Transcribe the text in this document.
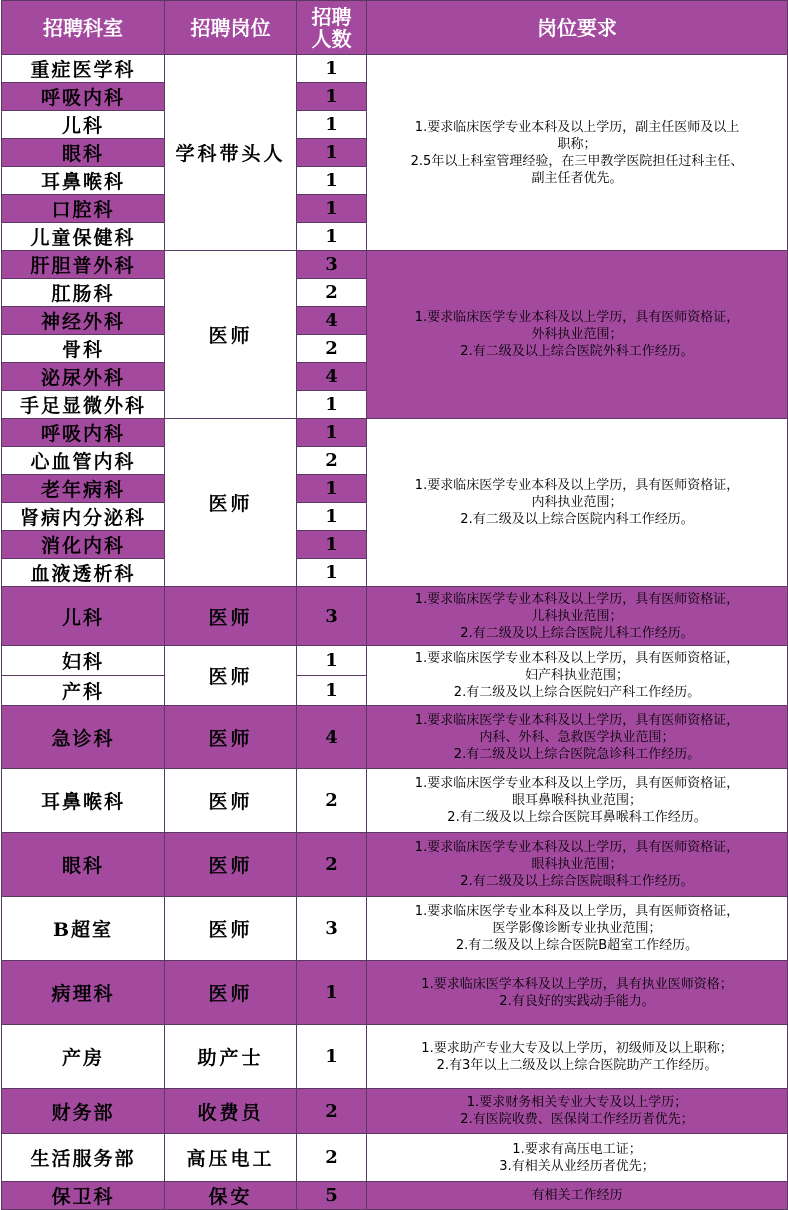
招聘科室	招聘岗位	招聘
人数	岗位要求
重症医学科	学科带头人	1	1.要求临床医学专业本科及以上学历，副主任医师及以上
职称；
2.5年以上科室管理经验，在三甲教学医院担任过科主任、
副主任者优先。

呼吸内科		1	
儿科		1	
眼科		1	
耳鼻喉科		1	
口腔科		1	
儿童保健科		1	
肝胆普外科	医师	3	1.要求临床医学专业本科及以上学历，具有医师资格证，
外科执业范围；
2.有二级及以上综合医院外科工作经历。

肛肠科		2	
神经外科		4	
骨科		2	
泌尿外科		4	
手足显微外科		1	
呼吸内科	医师	1	1.要求临床医学专业本科及以上学历，具有医师资格证，
内科执业范围；
2.有二级及以上综合医院内科工作经历。

心血管内科		2	
老年病科		1	
肾病内分泌科		1	
消化内科		1	
血液透析科		1	
儿科	医师	3	1.要求临床医学专业本科及以上学历，具有医师资格证，
儿科执业范围；
2.有二级及以上综合医院儿科工作经历。

妇科	医师	1	1.要求临床医学专业本科及以上学历，具有医师资格证，
妇产科执业范围；
2.有二级及以上综合医院妇产科工作经历。

产科		1	
急诊科	医师	4	1.要求临床医学专业本科及以上学历，具有医师资格证，
内科、外科、急救医学执业范围；
2.有二级及以上综合医院急诊科工作经历。

耳鼻喉科	医师	2	1.要求临床医学专业本科及以上学历，具有医师资格证，
眼耳鼻喉科执业范围；
2.有二级及以上综合医院耳鼻喉科工作经历。

眼科	医师	2	1.要求临床医学专业本科及以上学历，具有医师资格证，
眼科执业范围；
2.有二级及以上综合医院眼科工作经历。

B超室	医师	3	1.要求临床医学专业本科及以上学历，具有医师资格证，
医学影像诊断专业执业范围；
2.有二级及以上综合医院B超室工作经历。

病理科	医师	1	1.要求临床医学本科及以上学历，具有执业医师资格；
2.有良好的实践动手能力。

产房	助产士	1	1.要求助产专业大专及以上学历，初级师及以上职称；
2.有3年以上二级及以上综合医院助产工作经历。

财务部	收费员	2	1.要求财务相关专业大专及以上学历；
2.有医院收费、医保岗工作经历者优先；

生活服务部	高压电工	2	1.要求有高压电工证；
3.有相关从业经历者优先；

保卫科	保安	5	有相关工作经历
